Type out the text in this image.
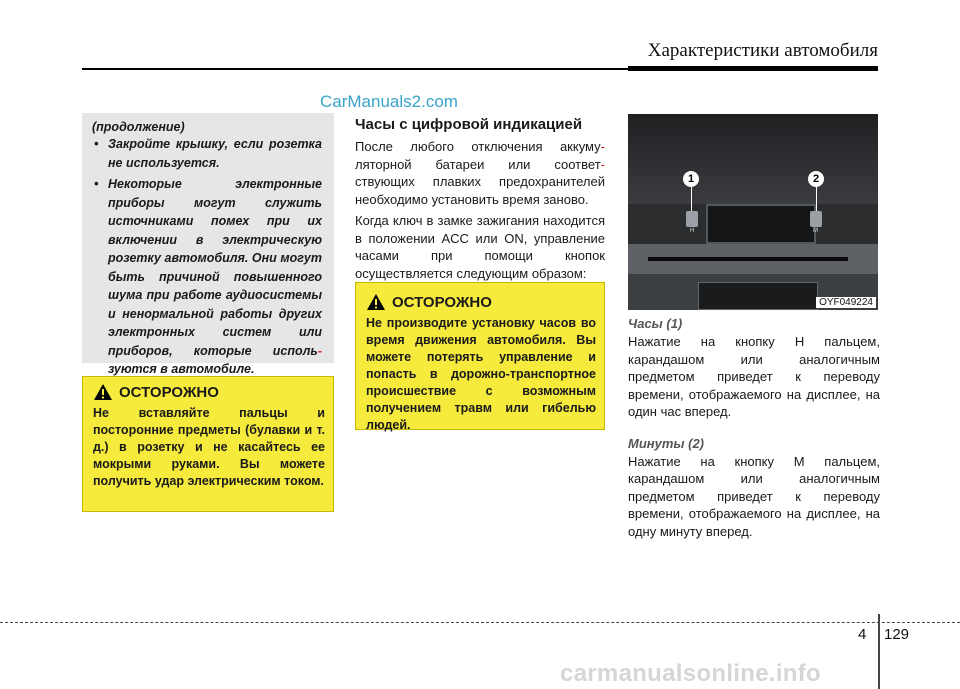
Характеристики автомобиля
CarManuals2.com
(продолжение)
• Закройте крышку, если розетка не используется.
• Некоторые электронные приборы могут служить источниками помех при их включении в электрическую розетку автомобиля. Они могут быть причиной повышенного шума при работе аудиосистемы и ненормальной работы других электронных систем или приборов, которые исполь- зуются в автомобиле.
ОСТОРОЖНО
Не вставляйте пальцы и посторонние предметы (булавки и т. д.) в розетку и не касайтесь ее мокрыми руками. Вы можете получить удар электрическим током.
Часы с цифровой индикацией

После любого отключения аккуму- ляторной батареи или соответ- ствующих плавких предохранителей необходимо установить время заново.

Когда ключ в замке зажигания находится в положении ACC или ON, управление часами при помощи кнопок осуществляется следующим образом:

ОСТОРОЖНО
Не производите установку часов во время движения автомобиля. Вы можете потерять управление и попасть в дорожно-транспортное происшествие с возможным получением травм или гибелью людей.
H	M
1	2
OYF049224
Часы (1)
Нажатие на кнопку H пальцем, карандашом или аналогичным предметом приведет к переводу времени, отображаемого на дисплее, на один час вперед.
Минуты (2)
Нажатие на кнопку M пальцем, карандашом или аналогичным предметом приведет к переводу времени, отображаемого на дисплее, на одну минуту вперед.
4 129
carmanualsonline.info
